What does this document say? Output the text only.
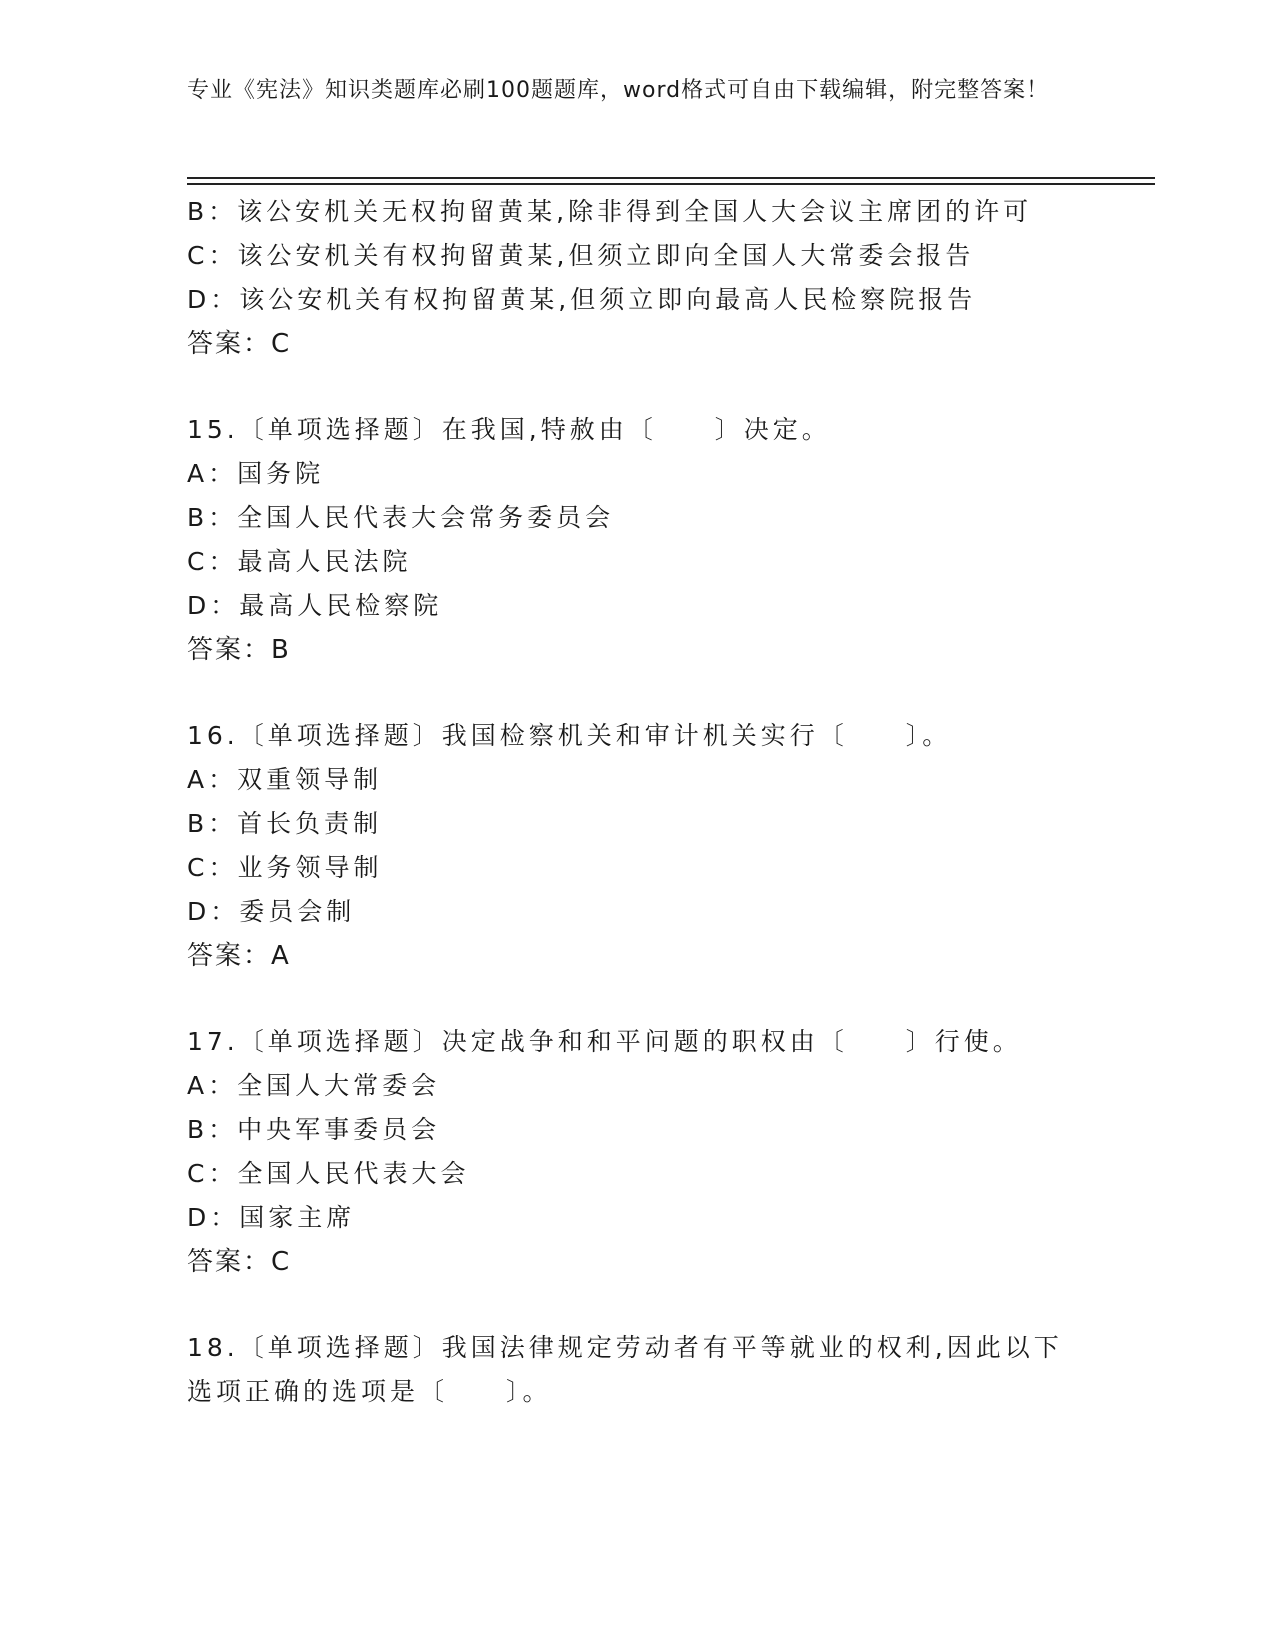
专业《宪法》知识类题库必刷100题题库，word格式可自由下载编辑，附完整答案！
B：该公安机关无权拘留黄某,除非得到全国人大会议主席团的许可
C：该公安机关有权拘留黄某,但须立即向全国人大常委会报告
D：该公安机关有权拘留黄某,但须立即向最高人民检察院报告
答案：C
15.〔单项选择题〕在我国,特赦由〔　　〕决定。
A：国务院
B：全国人民代表大会常务委员会
C：最高人民法院
D：最高人民检察院
答案：B
16.〔单项选择题〕我国检察机关和审计机关实行〔　　〕。
A：双重领导制
B：首长负责制
C：业务领导制
D：委员会制
答案：A
17.〔单项选择题〕决定战争和和平问题的职权由〔　　〕行使。
A：全国人大常委会
B：中央军事委员会
C：全国人民代表大会
D：国家主席
答案：C
18.〔单项选择题〕我国法律规定劳动者有平等就业的权利,因此以下
选项正确的选项是〔　　〕。
